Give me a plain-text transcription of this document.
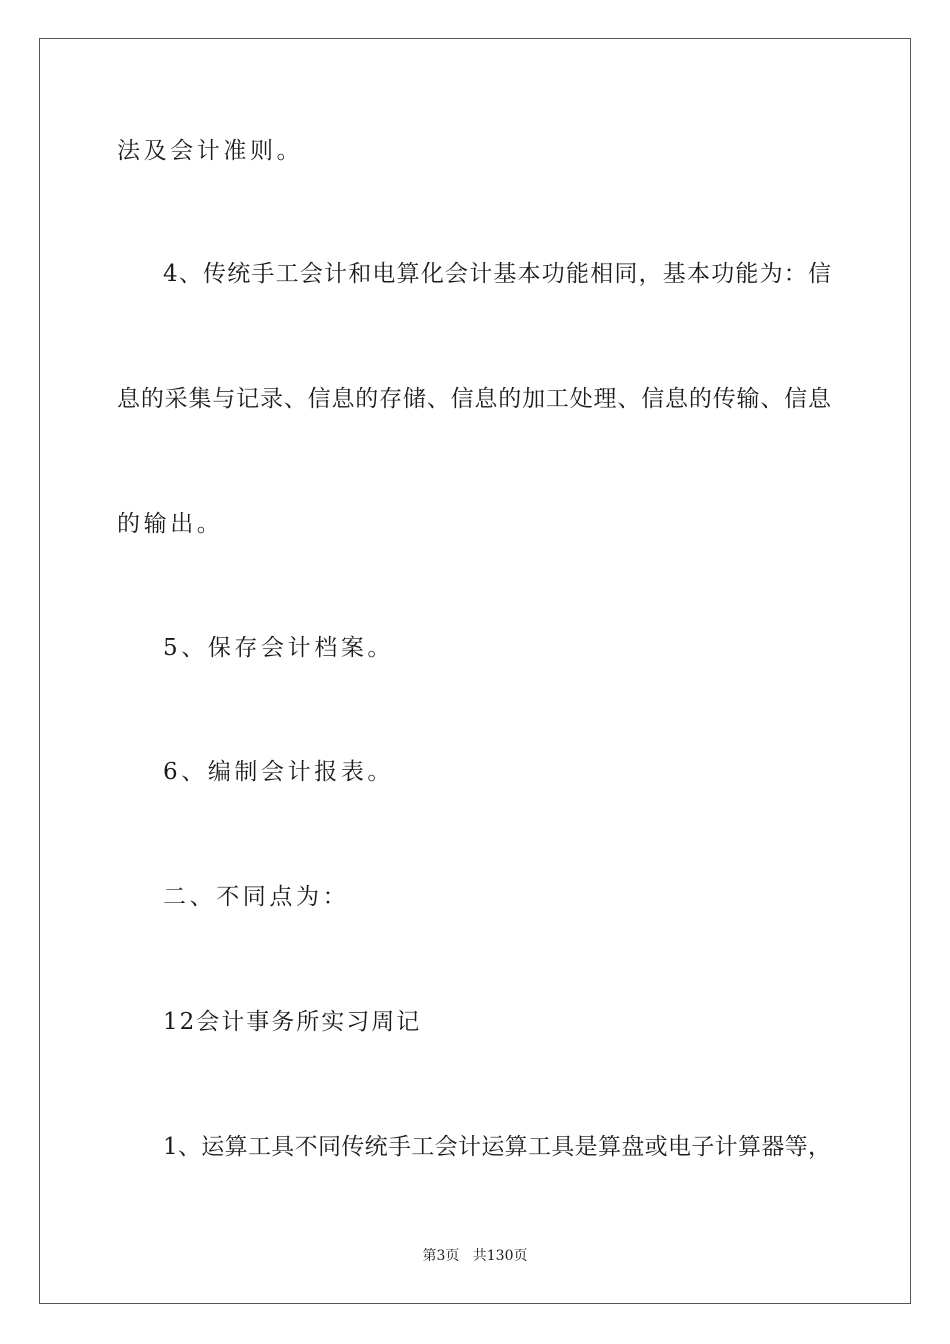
法及会计准则。
4、传统手工会计和电算化会计基本功能相同，基本功能为：信
息的采集与记录、信息的存储、信息的加工处理、信息的传输、信息
的输出。
5、保存会计档案。
6、编制会计报表。
二、不同点为：
12会计事务所实习周记
1、运算工具不同传统手工会计运算工具是算盘或电子计算器等，
第3页   共130页
